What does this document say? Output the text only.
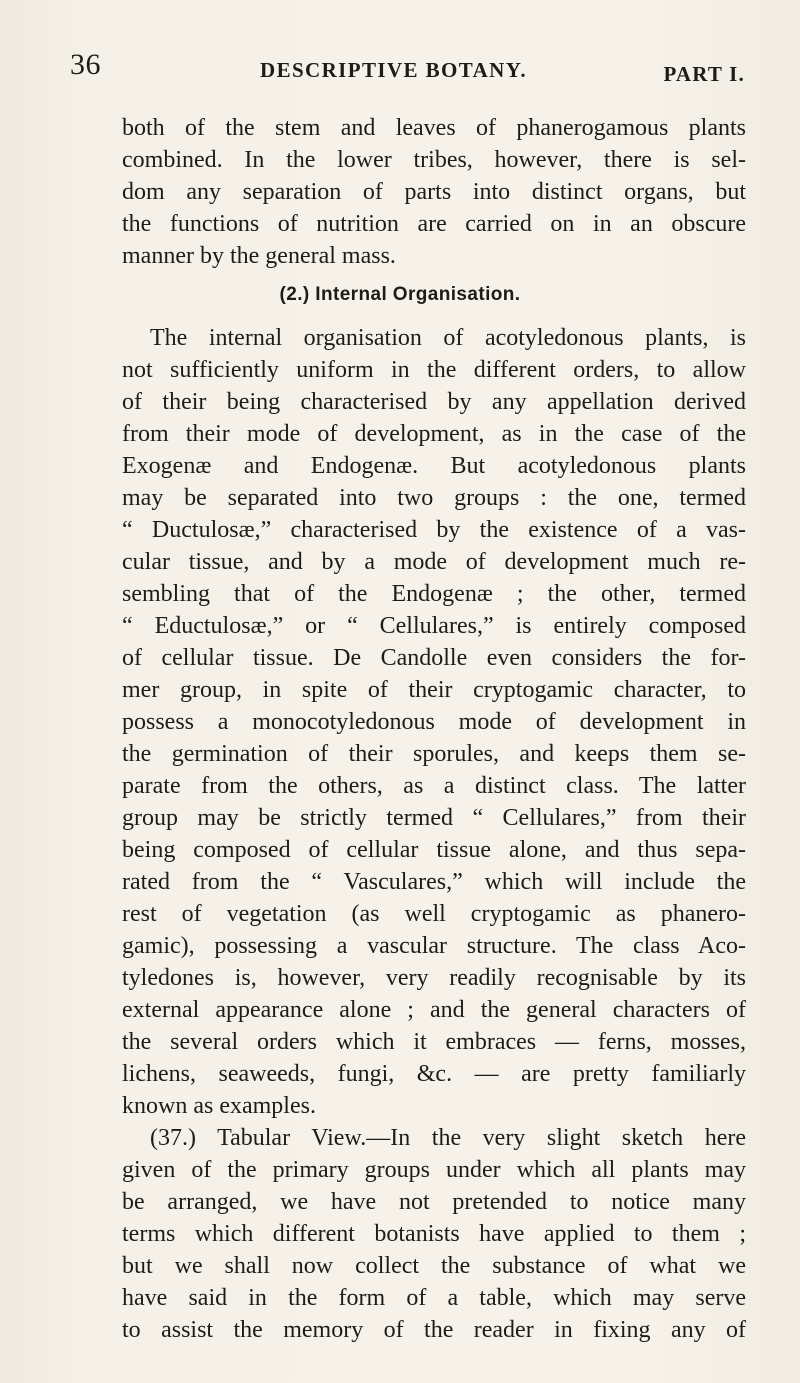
36	DESCRIPTIVE BOTANY.	PART I.
both of the stem and leaves of phanerogamous plants
combined. In the lower tribes, however, there is sel-
dom any separation of parts into distinct organs, but
the functions of nutrition are carried on in an obscure
manner by the general mass.
(2.) Internal Organisation.
The internal organisation of acotyledonous plants, is
not sufficiently uniform in the different orders, to allow
of their being characterised by any appellation derived
from their mode of development, as in the case of the
Exogenæ and Endogenæ. But acotyledonous plants
may be separated into two groups : the one, termed
“ Ductulosæ,” characterised by the existence of a vas-
cular tissue, and by a mode of development much re-
sembling that of the Endogenæ ; the other, termed
“ Eductulosæ,” or “ Cellulares,” is entirely composed
of cellular tissue. De Candolle even considers the for-
mer group, in spite of their cryptogamic character, to
possess a monocotyledonous mode of development in
the germination of their sporules, and keeps them se-
parate from the others, as a distinct class. The latter
group may be strictly termed “ Cellulares,” from their
being composed of cellular tissue alone, and thus sepa-
rated from the “ Vasculares,” which will include the
rest of vegetation (as well cryptogamic as phanero-
gamic), possessing a vascular structure. The class Aco-
tyledones is, however, very readily recognisable by its
external appearance alone ; and the general characters of
the several orders which it embraces — ferns, mosses,
lichens, seaweeds, fungi, &c. — are pretty familiarly
known as examples.
(37.) Tabular View.—In the very slight sketch here
given of the primary groups under which all plants may
be arranged, we have not pretended to notice many
terms which different botanists have applied to them ;
but we shall now collect the substance of what we
have said in the form of a table, which may serve
to assist the memory of the reader in fixing any of
